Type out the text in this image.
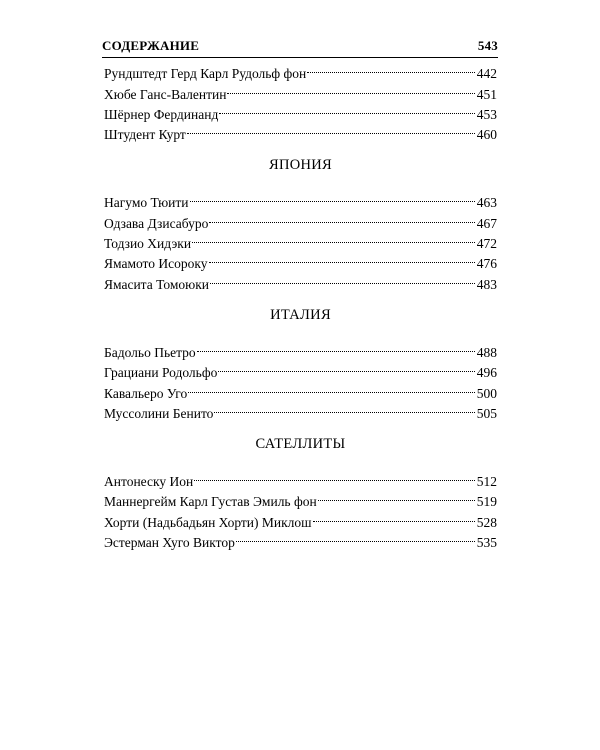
СОДЕРЖАНИЕ	543
Рундштедт Герд Карл Рудольф фон	442
Хюбе Ганс-Валентин	451
Шёрнер Фердинанд	453
Штудент Курт	460
ЯПОНИЯ
Нагумо Тюити	463
Одзава Дзисабуро	467
Тодзио Хидэки	472
Ямамото Исороку	476
Ямасита Томоюки	483
ИТАЛИЯ
Бадольо Пьетро	488
Грациани Родольфо	496
Кавальеро Уго	500
Муссолини Бенито	505
САТЕЛЛИТЫ
Антонеску Ион	512
Маннергейм Карл Густав Эмиль фон	519
Хорти (Надьбадьян Хорти) Миклош	528
Эстерман Хуго Виктор	535
